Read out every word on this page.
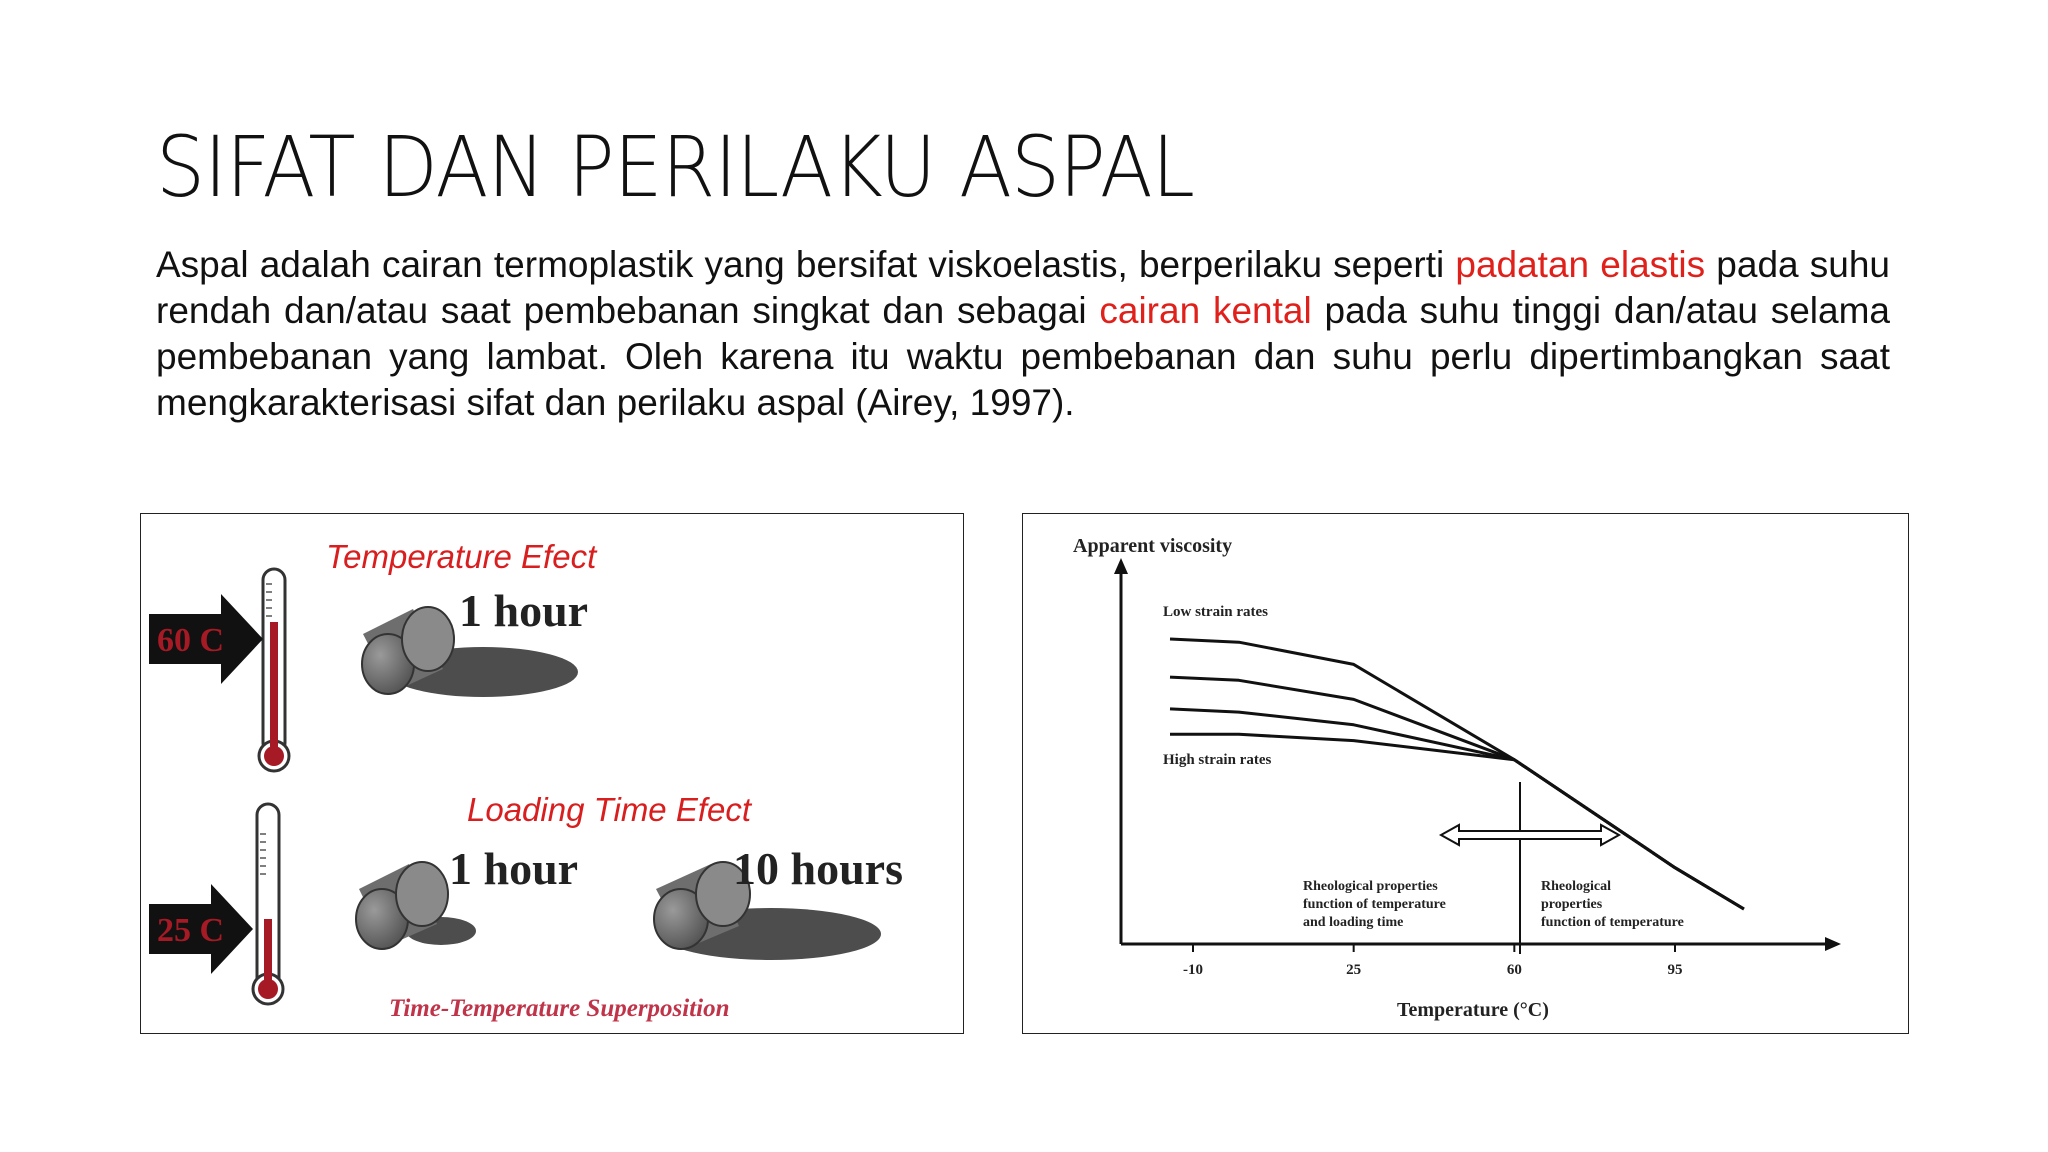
SIFAT DAN PERILAKU ASPAL
Aspal adalah cairan termoplastik yang bersifat viskoelastis, berperilaku seperti padatan elastis pada suhu rendah dan/atau saat pembebanan singkat dan sebagai cairan kental pada suhu tinggi dan/atau selama pembebanan yang lambat. Oleh karena itu waktu pembebanan dan suhu perlu dipertimbangkan saat mengkarakterisasi sifat dan perilaku aspal (Airey, 1997).
Temperature Efect
Loading Time Efect
60 C
1 hour
25 C
1 hour	10 hours
Time-Temperature Superposition
Apparent viscosity
Temperature (°C)
Low strain rates
High strain rates
Rheological properties function of temperature and loading time
Rheological properties function of temperature
-10	25	60	95
